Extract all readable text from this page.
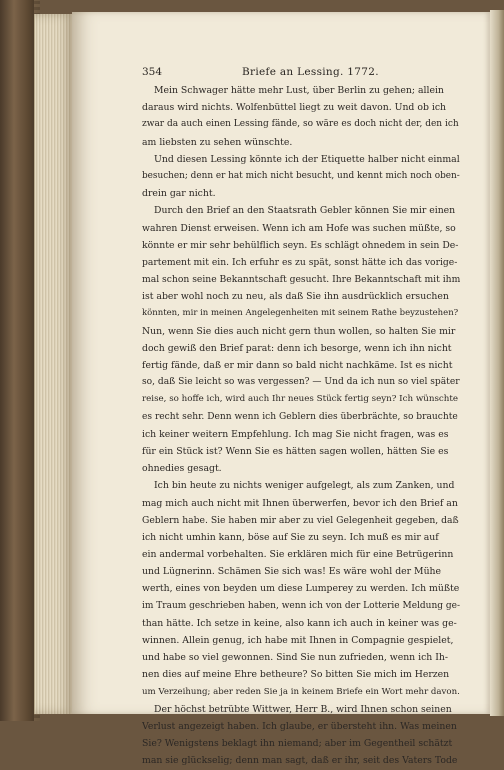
354	Briefe an Lessing. 1772.
Mein Schwager hätte mehr Lust, über Berlin zu gehen; allein
daraus wird nichts. Wolfenbüttel liegt zu weit davon. Und ob ich
zwar da auch einen Lessing fände, so wäre es doch nicht der, den ich
am liebsten zu sehen wünschte.
Und diesen Lessing könnte ich der Etiquette halber nicht einmal
besuchen; denn er hat mich nicht besucht, und kennt mich noch oben-
drein gar nicht.
Durch den Brief an den Staatsrath Gebler können Sie mir einen
wahren Dienst erweisen. Wenn ich am Hofe was suchen müßte, so
könnte er mir sehr behülflich seyn. Es schlägt ohnedem in sein De-
partement mit ein. Ich erfuhr es zu spät, sonst hätte ich das vorige-
mal schon seine Bekanntschaft gesucht. Ihre Bekanntschaft mit ihm
ist aber wohl noch zu neu, als daß Sie ihn ausdrücklich ersuchen
könnten, mir in meinen Angelegenheiten mit seinem Rathe beyzustehen?
Nun, wenn Sie dies auch nicht gern thun wollen, so halten Sie mir
doch gewiß den Brief parat: denn ich besorge, wenn ich ihn nicht
fertig fände, daß er mir dann so bald nicht nachkäme. Ist es nicht
so, daß Sie leicht so was vergessen? — Und da ich nun so viel später
reise, so hoffe ich, wird auch Ihr neues Stück fertig seyn? Ich wünschte
es recht sehr. Denn wenn ich Geblern dies überbrächte, so brauchte
ich keiner weitern Empfehlung. Ich mag Sie nicht fragen, was es
für ein Stück ist? Wenn Sie es hätten sagen wollen, hätten Sie es
ohnedies gesagt.
Ich bin heute zu nichts weniger aufgelegt, als zum Zanken, und
mag mich auch nicht mit Ihnen überwerfen, bevor ich den Brief an
Geblern habe. Sie haben mir aber zu viel Gelegenheit gegeben, daß
ich nicht umhin kann, böse auf Sie zu seyn. Ich muß es mir auf
ein andermal vorbehalten. Sie erklären mich für eine Betrügerinn
und Lügnerinn. Schämen Sie sich was! Es wäre wohl der Mühe
werth, eines von beyden um diese Lumperey zu werden. Ich müßte
im Traum geschrieben haben, wenn ich von der Lotterie Meldung ge-
than hätte. Ich setze in keine, also kann ich auch in keiner was ge-
winnen. Allein genug, ich habe mit Ihnen in Compagnie gespielet,
und habe so viel gewonnen. Sind Sie nun zufrieden, wenn ich Ih-
nen dies auf meine Ehre betheure? So bitten Sie mich im Herzen
um Verzeihung; aber reden Sie ja in keinem Briefe ein Wort mehr davon.
Der höchst betrübte Wittwer, Herr B., wird Ihnen schon seinen
Verlust angezeigt haben. Ich glaube, er übersteht ihn. Was meinen
Sie? Wenigstens beklagt ihn niemand; aber im Gegentheil schätzt
man sie glückselig; denn man sagt, daß er ihr, seit des Vaters Tode
